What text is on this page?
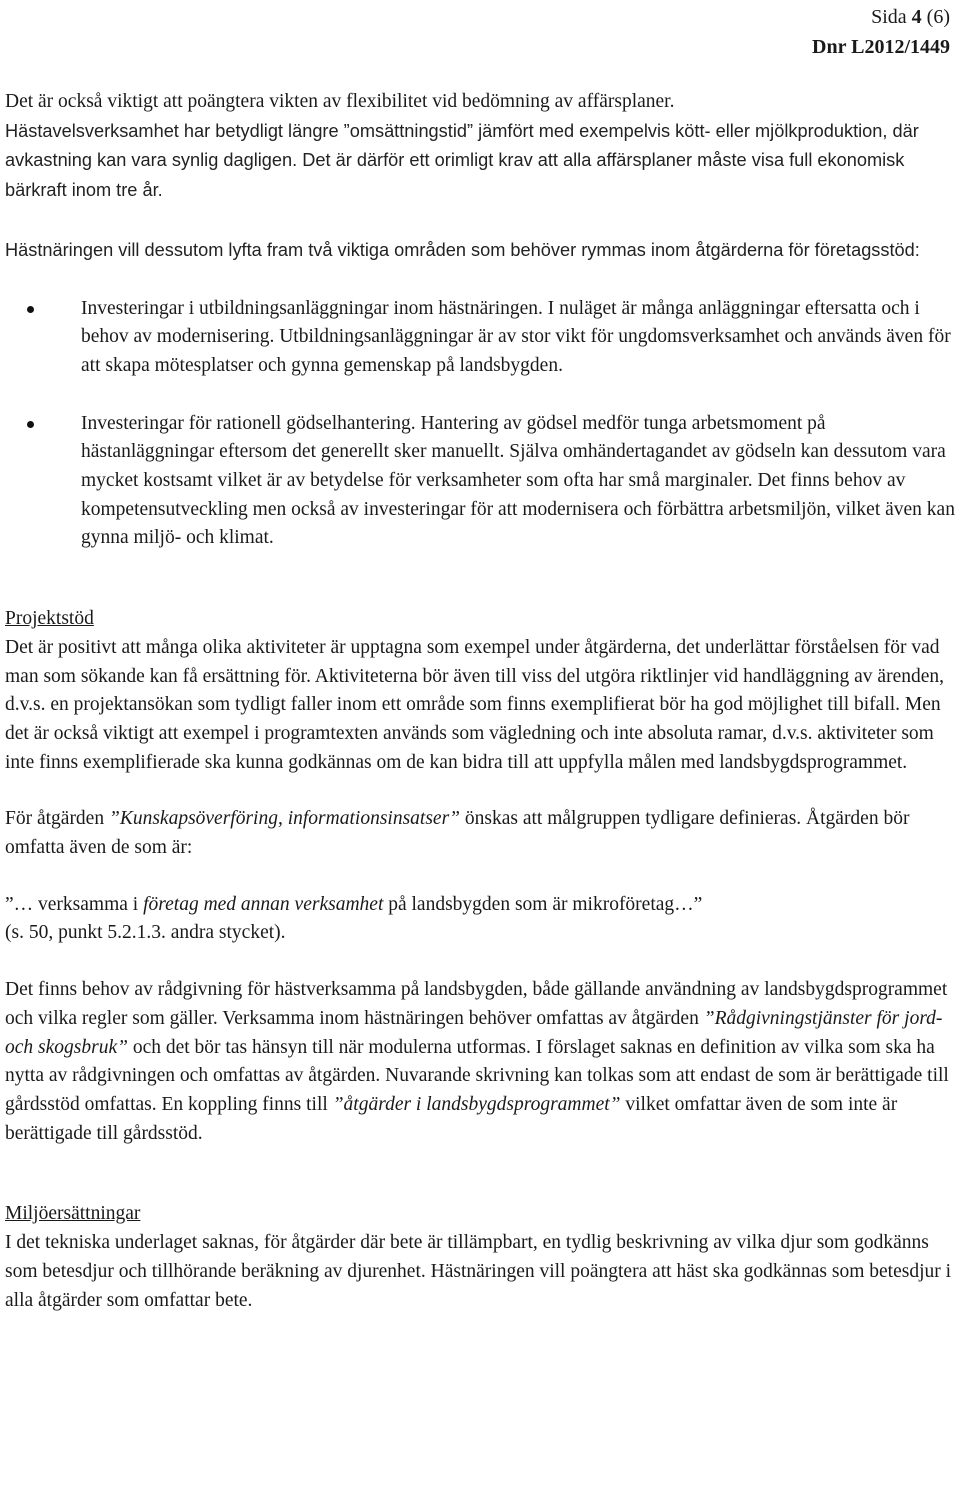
Sida 4 (6)
Dnr L2012/1449

Det är också viktigt att poängtera vikten av flexibilitet vid bedömning av affärsplaner.
Hästavelsverksamhet har betydligt längre ”omsättningstid” jämfört med exempelvis kött- eller mjölkproduktion, där avkastning kan vara synlig dagligen. Det är därför ett orimligt krav att alla affärsplaner måste visa full ekonomisk bärkraft inom tre år.

Hästnäringen vill dessutom lyfta fram två viktiga områden som behöver rymmas inom åtgärderna för företagsstöd:

Investeringar i utbildningsanläggningar inom hästnäringen. I nuläget är många anläggningar eftersatta och i behov av modernisering. Utbildningsanläggningar är av stor vikt för ungdomsverksamhet och används även för att skapa mötesplatser och gynna gemenskap på landsbygden.
Investeringar för rationell gödselhantering. Hantering av gödsel medför tunga arbetsmoment på hästanläggningar eftersom det generellt sker manuellt. Själva omhändertagandet av gödseln kan dessutom vara mycket kostsamt vilket är av betydelse för verksamheter som ofta har små marginaler. Det finns behov av kompetensutveckling men också av investeringar för att modernisera och förbättra arbetsmiljön, vilket även kan gynna miljö- och klimat.

Projektstöd

Det är positivt att många olika aktiviteter är upptagna som exempel under åtgärderna, det underlättar förståelsen för vad man som sökande kan få ersättning för. Aktiviteterna bör även till viss del utgöra riktlinjer vid handläggning av ärenden, d.v.s. en projektansökan som tydligt faller inom ett område som finns exemplifierat bör ha god möjlighet till bifall. Men det är också viktigt att exempel i programtexten används som vägledning och inte absoluta ramar, d.v.s. aktiviteter som inte finns exemplifierade ska kunna godkännas om de kan bidra till att uppfylla målen med landsbygdsprogrammet.

För åtgärden ”Kunskapsöverföring, informationsinsatser” önskas att målgruppen tydligare definieras. Åtgärden bör omfatta även de som är:

”… verksamma i företag med annan verksamhet på landsbygden som är mikroföretag…”
(s. 50, punkt 5.2.1.3. andra stycket).

Det finns behov av rådgivning för hästverksamma på landsbygden, både gällande användning av landsbygdsprogrammet och vilka regler som gäller. Verksamma inom hästnäringen behöver omfattas av åtgärden ”Rådgivningstjänster för jord- och skogsbruk” och det bör tas hänsyn till när modulerna utformas. I förslaget saknas en definition av vilka som ska ha nytta av rådgivningen och omfattas av åtgärden. Nuvarande skrivning kan tolkas som att endast de som är berättigade till gårdsstöd omfattas. En koppling finns till ”åtgärder i landsbygdsprogrammet” vilket omfattar även de som inte är berättigade till gårdsstöd.

Miljöersättningar

I det tekniska underlaget saknas, för åtgärder där bete är tillämpbart, en tydlig beskrivning av vilka djur som godkänns som betesdjur och tillhörande beräkning av djurenhet. Hästnäringen vill poängtera att häst ska godkännas som betesdjur i alla åtgärder som omfattar bete.
